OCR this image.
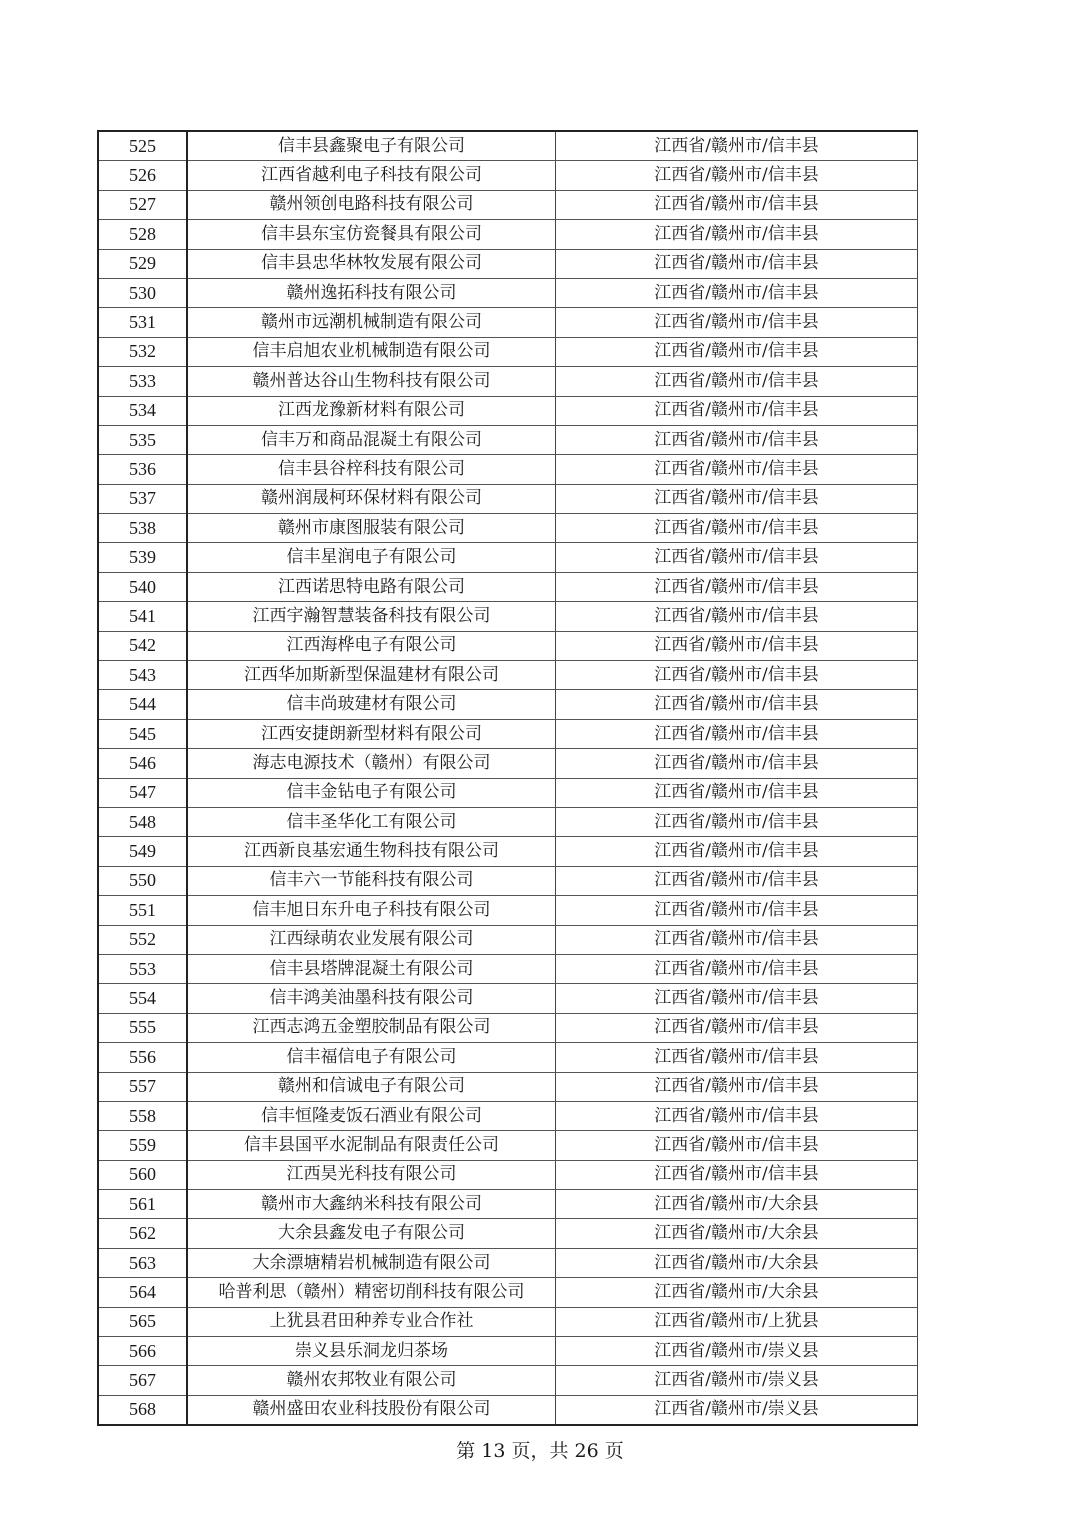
525	信丰县鑫聚电子有限公司	江西省/赣州市/信丰县
526	江西省越利电子科技有限公司	江西省/赣州市/信丰县
527	赣州领创电路科技有限公司	江西省/赣州市/信丰县
528	信丰县东宝仿瓷餐具有限公司	江西省/赣州市/信丰县
529	信丰县忠华林牧发展有限公司	江西省/赣州市/信丰县
530	赣州逸拓科技有限公司	江西省/赣州市/信丰县
531	赣州市远潮机械制造有限公司	江西省/赣州市/信丰县
532	信丰启旭农业机械制造有限公司	江西省/赣州市/信丰县
533	赣州普达谷山生物科技有限公司	江西省/赣州市/信丰县
534	江西龙豫新材料有限公司	江西省/赣州市/信丰县
535	信丰万和商品混凝土有限公司	江西省/赣州市/信丰县
536	信丰县谷梓科技有限公司	江西省/赣州市/信丰县
537	赣州润晟柯环保材料有限公司	江西省/赣州市/信丰县
538	赣州市康图服装有限公司	江西省/赣州市/信丰县
539	信丰星润电子有限公司	江西省/赣州市/信丰县
540	江西诺思特电路有限公司	江西省/赣州市/信丰县
541	江西宇瀚智慧装备科技有限公司	江西省/赣州市/信丰县
542	江西海桦电子有限公司	江西省/赣州市/信丰县
543	江西华加斯新型保温建材有限公司	江西省/赣州市/信丰县
544	信丰尚玻建材有限公司	江西省/赣州市/信丰县
545	江西安捷朗新型材料有限公司	江西省/赣州市/信丰县
546	海志电源技术（赣州）有限公司	江西省/赣州市/信丰县
547	信丰金钻电子有限公司	江西省/赣州市/信丰县
548	信丰圣华化工有限公司	江西省/赣州市/信丰县
549	江西新良基宏通生物科技有限公司	江西省/赣州市/信丰县
550	信丰六一节能科技有限公司	江西省/赣州市/信丰县
551	信丰旭日东升电子科技有限公司	江西省/赣州市/信丰县
552	江西绿萌农业发展有限公司	江西省/赣州市/信丰县
553	信丰县塔牌混凝土有限公司	江西省/赣州市/信丰县
554	信丰鸿美油墨科技有限公司	江西省/赣州市/信丰县
555	江西志鸿五金塑胶制品有限公司	江西省/赣州市/信丰县
556	信丰福信电子有限公司	江西省/赣州市/信丰县
557	赣州和信诚电子有限公司	江西省/赣州市/信丰县
558	信丰恒隆麦饭石酒业有限公司	江西省/赣州市/信丰县
559	信丰县国平水泥制品有限责任公司	江西省/赣州市/信丰县
560	江西昊光科技有限公司	江西省/赣州市/信丰县
561	赣州市大鑫纳米科技有限公司	江西省/赣州市/大余县
562	大余县鑫发电子有限公司	江西省/赣州市/大余县
563	大余漂塘精岩机械制造有限公司	江西省/赣州市/大余县
564	哈普利思（赣州）精密切削科技有限公司	江西省/赣州市/大余县
565	上犹县君田种养专业合作社	江西省/赣州市/上犹县
566	崇义县乐洞龙归茶场	江西省/赣州市/崇义县
567	赣州农邦牧业有限公司	江西省/赣州市/崇义县
568	赣州盛田农业科技股份有限公司	江西省/赣州市/崇义县
第 13 页，共 26 页
